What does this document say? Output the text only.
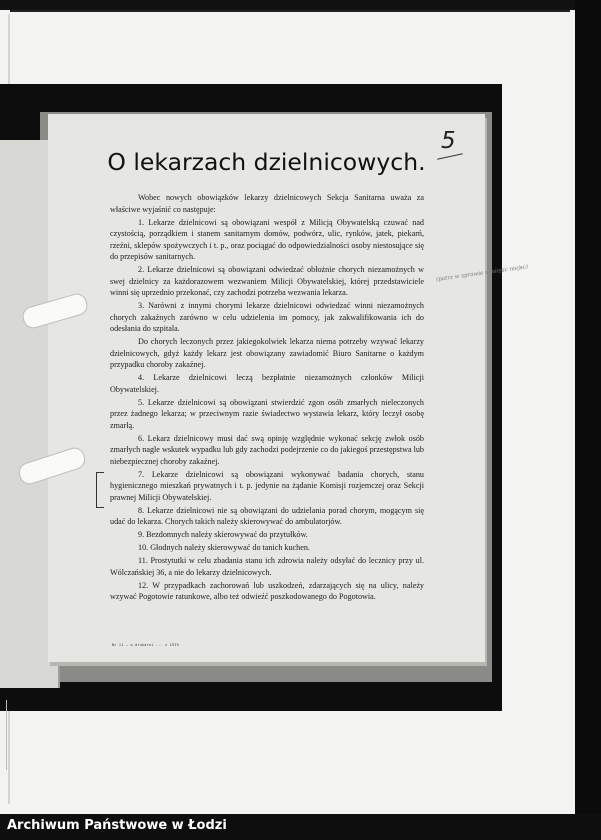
O lekarzach dzielnicowych.
5
(patrz w sprawie z miejsc niejsc)

Wobec nowych obowiązków lekarzy dzielnicowych Sekcja Sanitarna uważa za właściwe wyjaśnić co następuje:

1. Lekarze dzielnicowi są obowiązani wespół z Milicją Obywatelską czuwać nad czystością, porządkiem i stanem sanitarnym domów, podwórz, ulic, rynków, jatek, piekarń, rzeźni, sklepów spożywczych i t. p., oraz pociągać do odpowiedzialności osoby niestosujące się do przepisów sanitarnych.

2. Lekarze dzielnicowi są obowiązani odwiedzać obłożnie chorych niezamożnych w swej dzielnicy za każdorazowem wezwaniem Milicji Obywatelskiej, której przedstawiciele winni się uprzednio przekonać, czy zachodzi potrzeba wezwania lekarza.

3. Narówni z innymi chorymi lekarze dzielnicowi odwiedzać winni niezamożnych chorych zakaźnych zarówno w celu udzielenia im pomocy, jak zakwalifikowania ich do odesłania do szpitala.

Do chorych leczonych przez jakiegokolwiek lekarza niema potrzeby wzywać lekarzy dzielnicowych, gdyż każdy lekarz jest obowiązany zawiadomić Biuro Sanitarne o każdym przypadku choroby zakaźnej.

4. Lekarze dzielnicowi leczą bezpłatnie niezamożnych członków Milicji Obywatelskiej.

5. Lekarze dzielnicowi są obowiązani stwierdzić zgon osób zmarłych nieleczonych przez żadnego lekarza; w przeciwnym razie świadectwo wystawia lekarz, który leczył osobę zmarłą.

6. Lekarz dzielnicowy musi dać swą opinję względnie wykonać sekcję zwłok osób zmarłych nagle wskutek wypadku lub gdy zachodzi podejrzenie co do jakiegoś przestępstwa lub niebezpiecznej choroby zakaźnej.

7. Lekarze dzielnicowi są obowiązani wykonywać badania chorych, stanu hygienicznego mieszkań prywatnych i t. p. jedynie na żądanie Komisji rozjemczej oraz Sekcji prawnej Milicji Obywatelskiej.

8. Lekarze dzielnicowi nie są obowiązani do udzielania porad chorym, mogącym się udać do lekarza. Chorych takich należy skierowywać do ambulatorjów.

9. Bezdomnych należy skierowywać do przytułków.

10. Głodnych należy skierowywać do tanich kuchen.

11. Prostytutki w celu zbadania stanu ich zdrowia należy odsyłać do lecznicy przy ul. Wólczańskiej 36, a nie do lekarzy dzielnicowych.

12. W przypadkach zachorowań lub uszkodzeń, zdarzających się na ulicy, należy wzywać Pogotowie ratunkowe, albo też odwieźć poszkodowanego do Pogotowia.

Nr 11 — w drukarni ... z 1915
Archiwum Państwowe w Łodzi
